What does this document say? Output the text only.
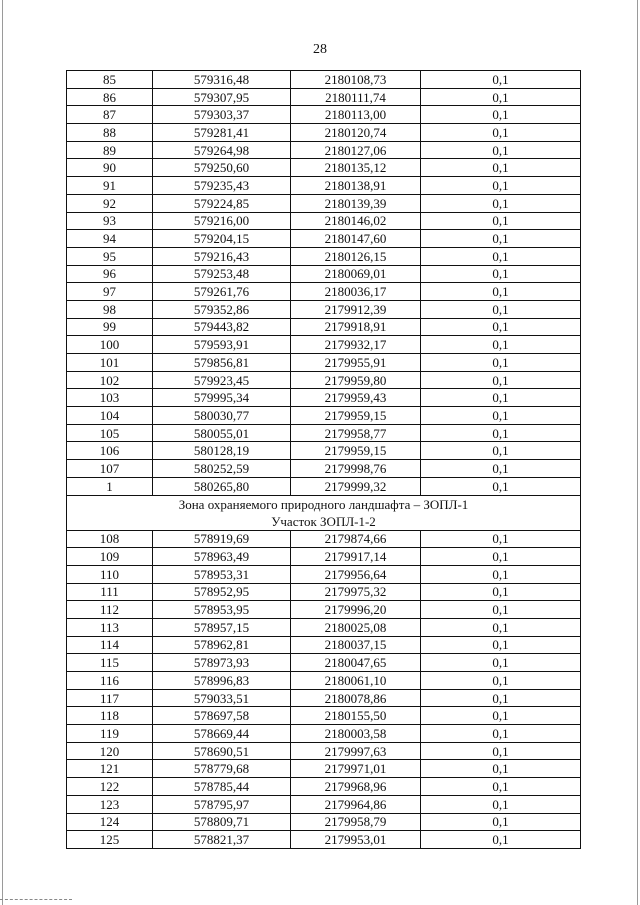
28
85	579316,48	2180108,73	0,1
86	579307,95	2180111,74	0,1
87	579303,37	2180113,00	0,1
88	579281,41	2180120,74	0,1
89	579264,98	2180127,06	0,1
90	579250,60	2180135,12	0,1
91	579235,43	2180138,91	0,1
92	579224,85	2180139,39	0,1
93	579216,00	2180146,02	0,1
94	579204,15	2180147,60	0,1
95	579216,43	2180126,15	0,1
96	579253,48	2180069,01	0,1
97	579261,76	2180036,17	0,1
98	579352,86	2179912,39	0,1
99	579443,82	2179918,91	0,1
100	579593,91	2179932,17	0,1
101	579856,81	2179955,91	0,1
102	579923,45	2179959,80	0,1
103	579995,34	2179959,43	0,1
104	580030,77	2179959,15	0,1
105	580055,01	2179958,77	0,1
106	580128,19	2179959,15	0,1
107	580252,59	2179998,76	0,1
1	580265,80	2179999,32	0,1

Зона охраняемого природного ландшафта – ЗОПЛ-1
Участок ЗОПЛ-1-2			

108	578919,69	2179874,66	0,1
109	578963,49	2179917,14	0,1
110	578953,31	2179956,64	0,1
111	578952,95	2179975,32	0,1
112	578953,95	2179996,20	0,1
113	578957,15	2180025,08	0,1
114	578962,81	2180037,15	0,1
115	578973,93	2180047,65	0,1
116	578996,83	2180061,10	0,1
117	579033,51	2180078,86	0,1
118	578697,58	2180155,50	0,1
119	578669,44	2180003,58	0,1
120	578690,51	2179997,63	0,1
121	578779,68	2179971,01	0,1
122	578785,44	2179968,96	0,1
123	578795,97	2179964,86	0,1
124	578809,71	2179958,79	0,1
125	578821,37	2179953,01	0,1
